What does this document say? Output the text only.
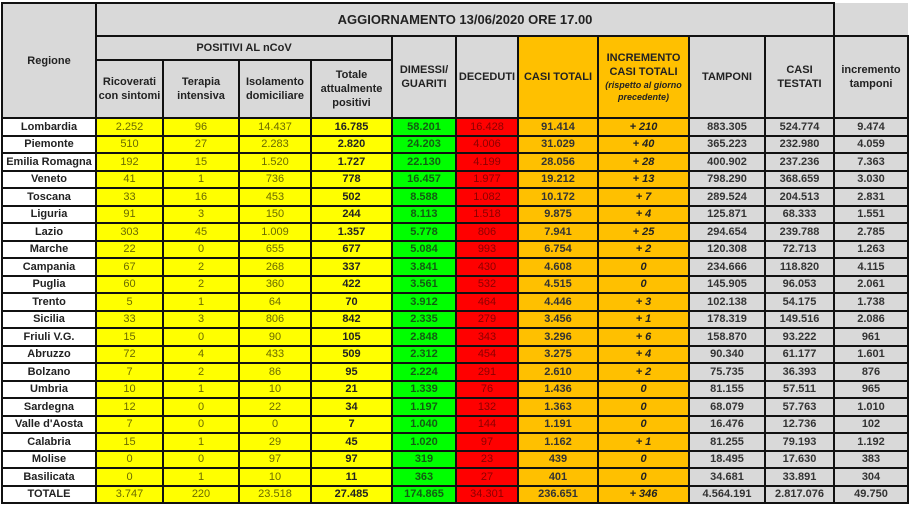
Regione	AGGIORNAMENTO 13/06/2020 ORE 17.00										
	POSITIVI AL nCoV				DIMESSI/ GUARITI	DECEDUTI	CASI TOTALI	INCREMENTO CASI TOTALI
(rispetto al giorno precedente)	TAMPONI	CASI TESTATI	incremento tamponi
	Ricoverati con sintomi	Terapia intensiva	Isolamento domiciliare	Totale attualmente positivi							
Lombardia	2.252	96	14.437	16.785	58.201	16.428	91.414	+ 210	883.305	524.774	9.474
Piemonte	510	27	2.283	2.820	24.203	4.006	31.029	+ 40	365.223	232.980	4.059
Emilia Romagna	192	15	1.520	1.727	22.130	4.199	28.056	+ 28	400.902	237.236	7.363
Veneto	41	1	736	778	16.457	1.977	19.212	+ 13	798.290	368.659	3.030
Toscana	33	16	453	502	8.588	1.082	10.172	+ 7	289.524	204.513	2.831
Liguria	91	3	150	244	8.113	1.518	9.875	+ 4	125.871	68.333	1.551
Lazio	303	45	1.009	1.357	5.778	806	7.941	+ 25	294.654	239.788	2.785
Marche	22	0	655	677	5.084	993	6.754	+ 2	120.308	72.713	1.263
Campania	67	2	268	337	3.841	430	4.608	0	234.666	118.820	4.115
Puglia	60	2	360	422	3.561	532	4.515	0	145.905	96.053	2.061
Trento	5	1	64	70	3.912	464	4.446	+ 3	102.138	54.175	1.738
Sicilia	33	3	806	842	2.335	279	3.456	+ 1	178.319	149.516	2.086
Friuli V.G.	15	0	90	105	2.848	343	3.296	+ 6	158.870	93.222	961
Abruzzo	72	4	433	509	2.312	454	3.275	+ 4	90.340	61.177	1.601
Bolzano	7	2	86	95	2.224	291	2.610	+ 2	75.735	36.393	876
Umbria	10	1	10	21	1.339	76	1.436	0	81.155	57.511	965
Sardegna	12	0	22	34	1.197	132	1.363	0	68.079	57.763	1.010
Valle d'Aosta	7	0	0	7	1.040	144	1.191	0	16.476	12.736	102
Calabria	15	1	29	45	1.020	97	1.162	+ 1	81.255	79.193	1.192
Molise	0	0	97	97	319	23	439	0	18.495	17.630	383
Basilicata	0	1	10	11	363	27	401	0	34.681	33.891	304
TOTALE	3.747	220	23.518	27.485	174.865	34.301	236.651	+ 346	4.564.191	2.817.076	49.750
